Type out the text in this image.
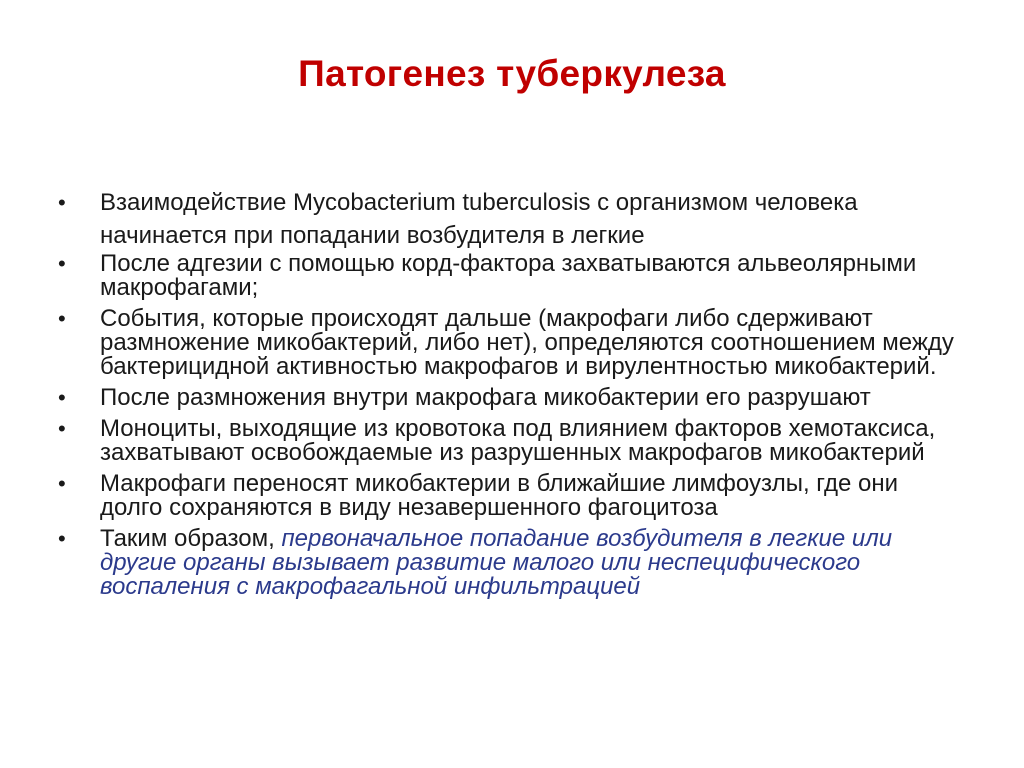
Патогенез туберкулеза
• Взаимодействие Mycobacterium tuberculosis с организмом человека начинается при попадании возбудителя в легкие
• После адгезии с помощью корд-фактора захватываются альвеолярными макрофагами;
• События, которые происходят дальше (макрофаги либо сдерживают размножение микобактерий, либо нет), определяются соотношением между бактерицидной активностью макрофагов и вирулентностью микобактерий.
• После размножения внутри макрофага микобактерии его разрушают
• Моноциты, выходящие из кровотока под влиянием факторов хемотаксиса, захватывают освобождаемые из разрушенных макрофагов микобактерий
• Макрофаги переносят микобактерии в ближайшие лимфоузлы, где они долго сохраняются в виду незавершенного фагоцитоза
• Таким образом, первоначальное попадание возбудителя в легкие или другие органы вызывает развитие малого или неспецифического воспаления с макрофагальной инфильтрацией
